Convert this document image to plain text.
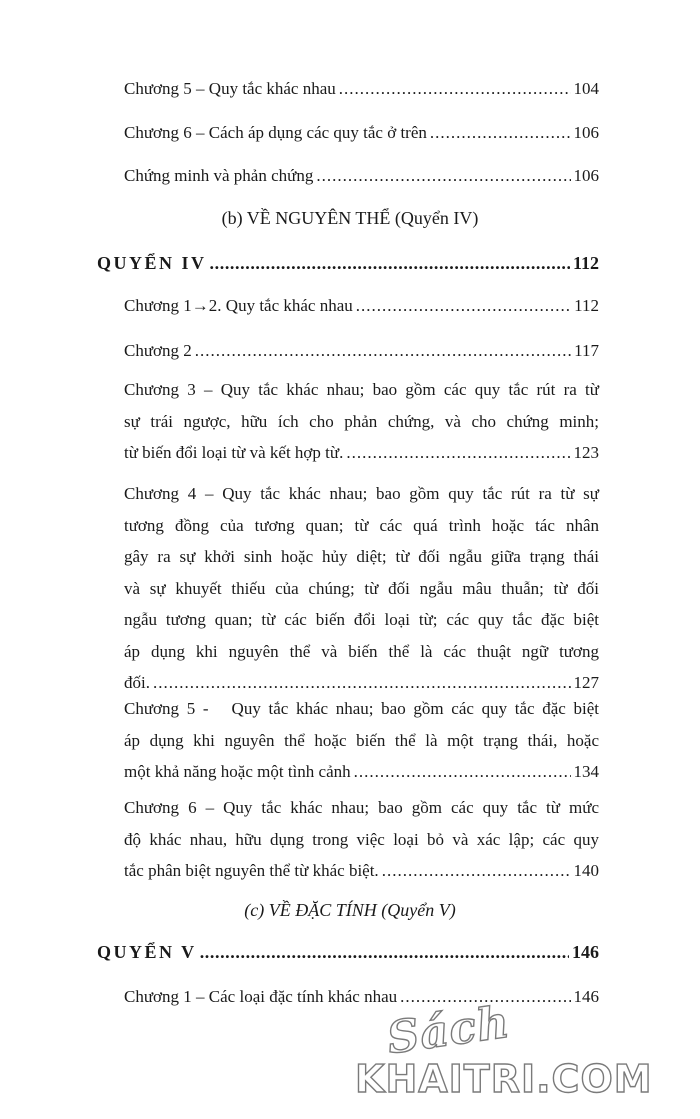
Chương 5 – Quy tắc khác nhau .....	104
Chương 6 – Cách áp dụng các quy tắc ở trên .....	106
Chứng minh và phản chứng .....	106
(b) VỀ NGUYÊN THỂ (Quyển IV)
QUYỂN IV .....	112
Chương 1→2. Quy tắc khác nhau .....	112
Chương 2 .....	117
Chương 3 – Quy tắc khác nhau; bao gồm các quy tắc rút ra từ
sự trái ngược, hữu ích cho phản chứng, và cho chứng minh;
từ biến đổi loại từ và kết hợp từ. .....	123
Chương 4 – Quy tắc khác nhau; bao gồm quy tắc rút ra từ sự
tương đồng của tương quan; từ các quá trình hoặc tác nhân
gây ra sự khởi sinh hoặc hủy diệt; từ đối ngẫu giữa trạng thái
và sự khuyết thiếu của chúng; từ đối ngẫu mâu thuẫn; từ đối
ngẫu tương quan; từ các biến đổi loại từ; các quy tắc đặc biệt
áp dụng khi nguyên thể và biến thể là các thuật ngữ tương
đối. .....	127
Chương 5 -   Quy tắc khác nhau; bao gồm các quy tắc đặc biệt
áp dụng khi nguyên thể hoặc biến thể là một trạng thái, hoặc
một khả năng hoặc một tình cảnh .....	134
Chương 6 – Quy tắc khác nhau; bao gồm các quy tắc từ mức
độ khác nhau, hữu dụng trong việc loại bỏ và xác lập; các quy
tắc phân biệt nguyên thể từ khác biệt. .....	140
(c) VỀ ĐẶC TÍNH (Quyển V)
QUYỂN V .....	146
Chương 1 – Các loại đặc tính khác nhau .....	146
Sách
KHAITRI.COM
